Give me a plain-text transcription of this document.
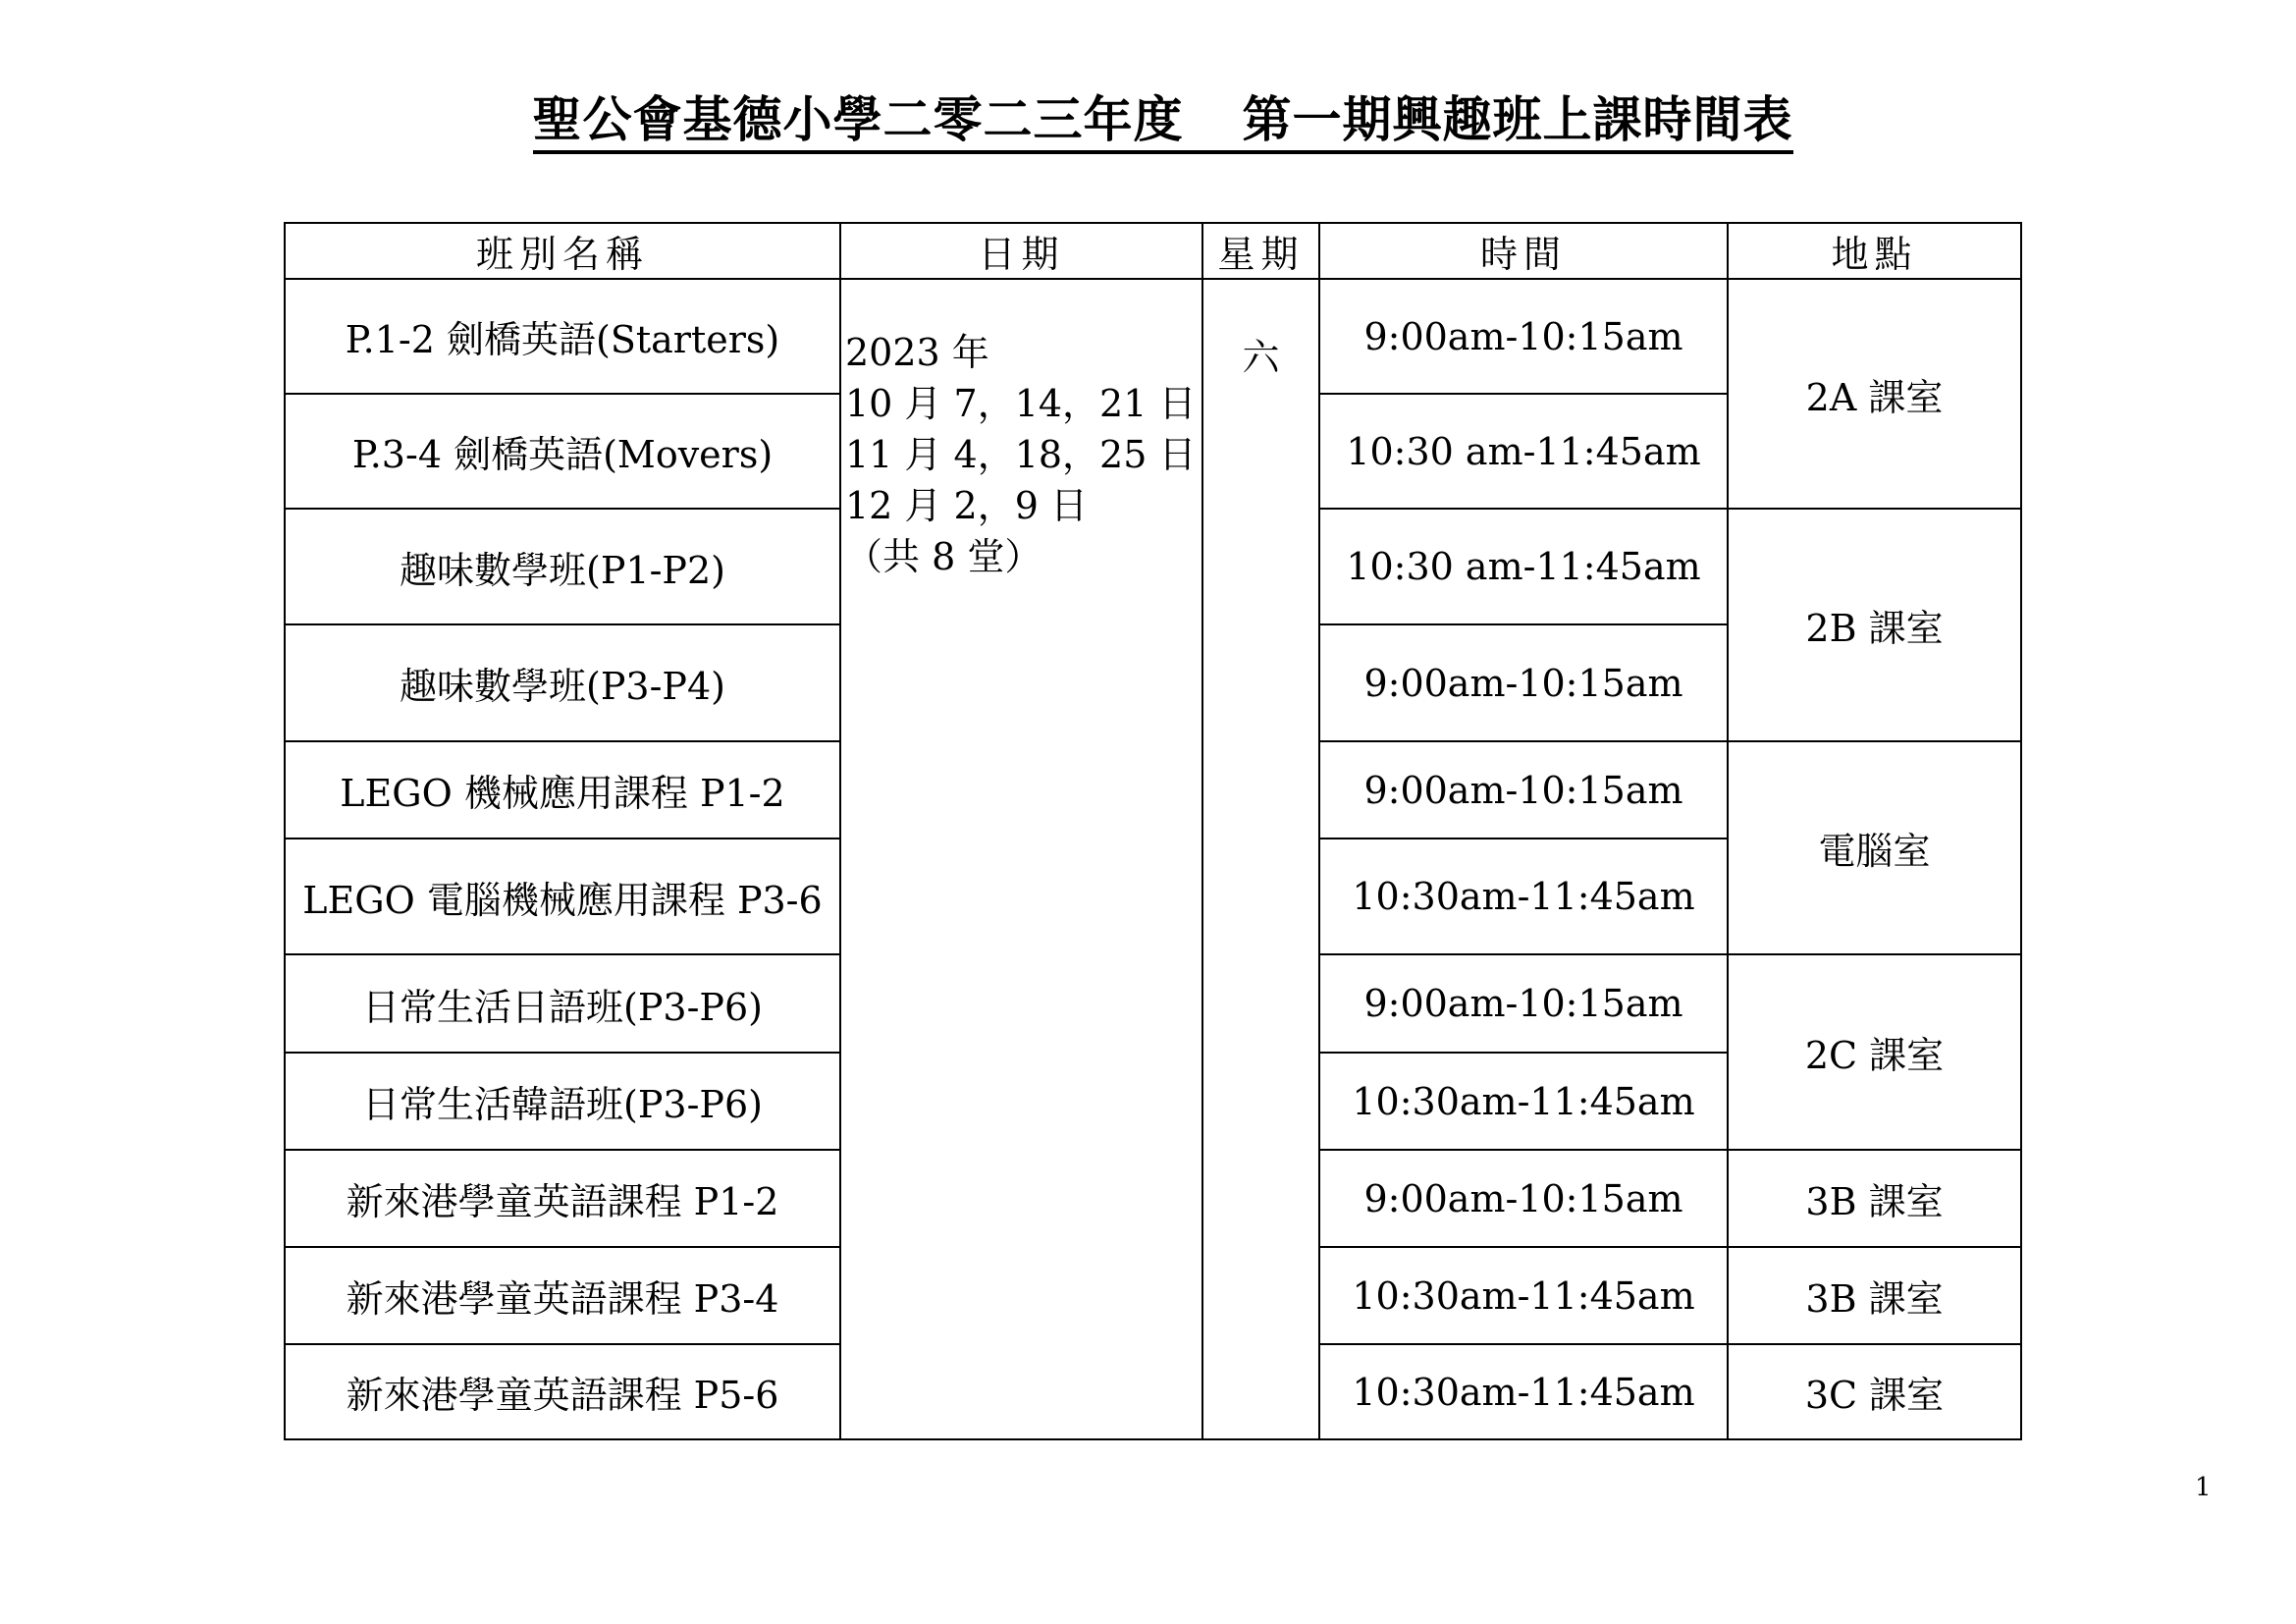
聖公會基德小學二零二三年度 第一期興趣班上課時間表
班別名稱	日期	星期	時間	地點
P.1-2 劍橋英語(Starters)	2023 年
10 月 7，14，21 日
11 月 4，18，25 日
12 月 2，9 日
（共 8 堂）	六	9:00am-10:15am	2A 課室
P.3-4 劍橋英語(Movers)			10:30 am-11:45am	
趣味數學班(P1-P2)			10:30 am-11:45am	2B 課室
趣味數學班(P3-P4)			9:00am-10:15am	
LEGO 機械應用課程 P1-2			9:00am-10:15am	電腦室
LEGO 電腦機械應用課程 P3-6			10:30am-11:45am	
日常生活日語班(P3-P6)			9:00am-10:15am	2C 課室
日常生活韓語班(P3-P6)			10:30am-11:45am	
新來港學童英語課程 P1-2			9:00am-10:15am	3B 課室
新來港學童英語課程 P3-4			10:30am-11:45am	3B 課室
新來港學童英語課程 P5-6			10:30am-11:45am	3C 課室
1
